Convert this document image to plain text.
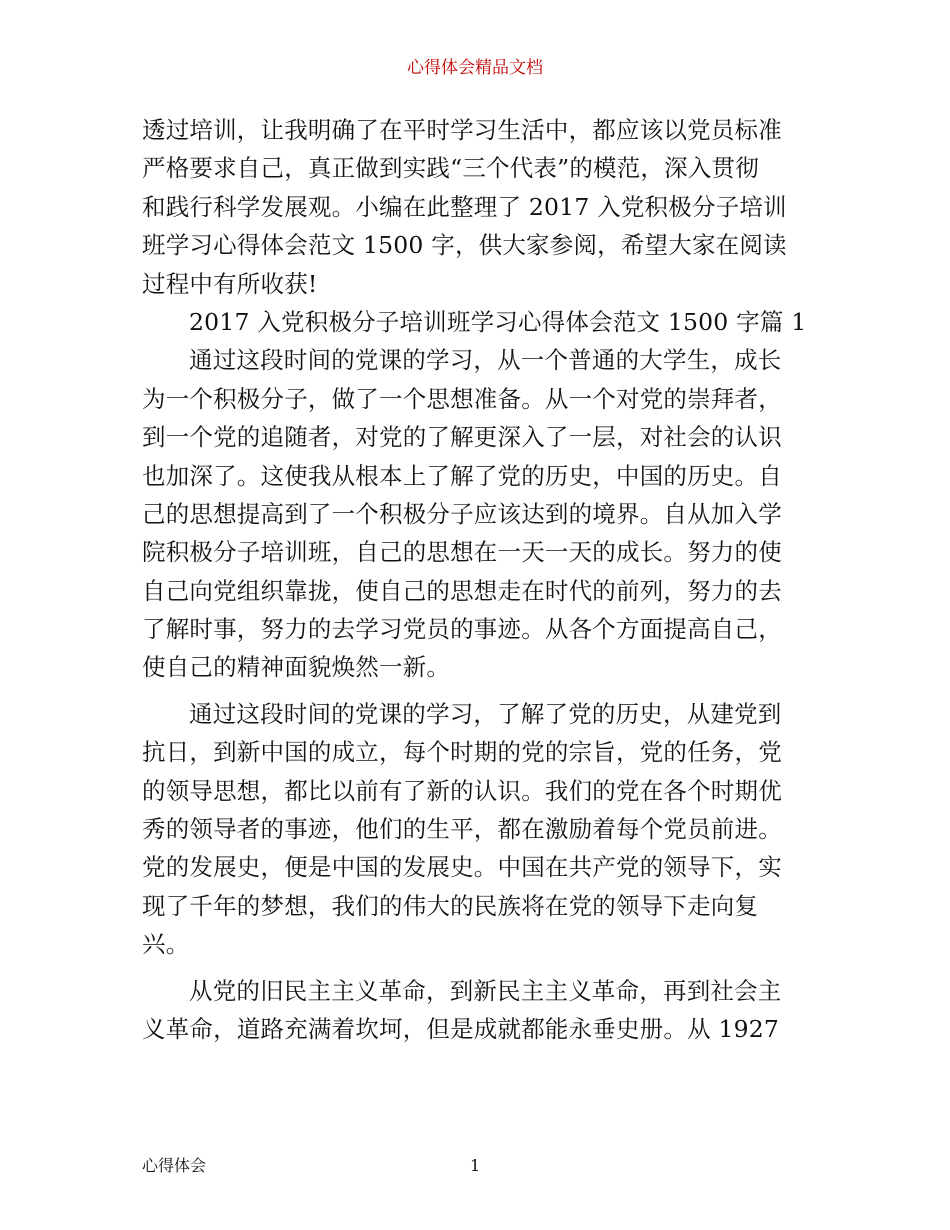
心得体会精品文档
透过培训，让我明确了在平时学习生活中，都应该以党员标准
严格要求自己，真正做到实践“三个代表”的模范，深入贯彻
和践行科学发展观。小编在此整理了 2017 入党积极分子培训
班学习心得体会范文 1500 字，供大家参阅，希望大家在阅读
过程中有所收获!
2017 入党积极分子培训班学习心得体会范文 1500 字篇 1
通过这段时间的党课的学习，从一个普通的大学生，成长
为一个积极分子，做了一个思想准备。从一个对党的崇拜者，
到一个党的追随者，对党的了解更深入了一层，对社会的认识
也加深了。这使我从根本上了解了党的历史，中国的历史。自
己的思想提高到了一个积极分子应该达到的境界。自从加入学
院积极分子培训班，自己的思想在一天一天的成长。努力的使
自己向党组织靠拢，使自己的思想走在时代的前列，努力的去
了解时事，努力的去学习党员的事迹。从各个方面提高自己，
使自己的精神面貌焕然一新。
通过这段时间的党课的学习，了解了党的历史，从建党到
抗日，到新中国的成立，每个时期的党的宗旨，党的任务，党
的领导思想，都比以前有了新的认识。我们的党在各个时期优
秀的领导者的事迹，他们的生平，都在激励着每个党员前进。
党的发展史，便是中国的发展史。中国在共产党的领导下，实
现了千年的梦想，我们的伟大的民族将在党的领导下走向复
兴。
从党的旧民主主义革命，到新民主主义革命，再到社会主
义革命，道路充满着坎坷，但是成就都能永垂史册。从 1927
心得体会	1
